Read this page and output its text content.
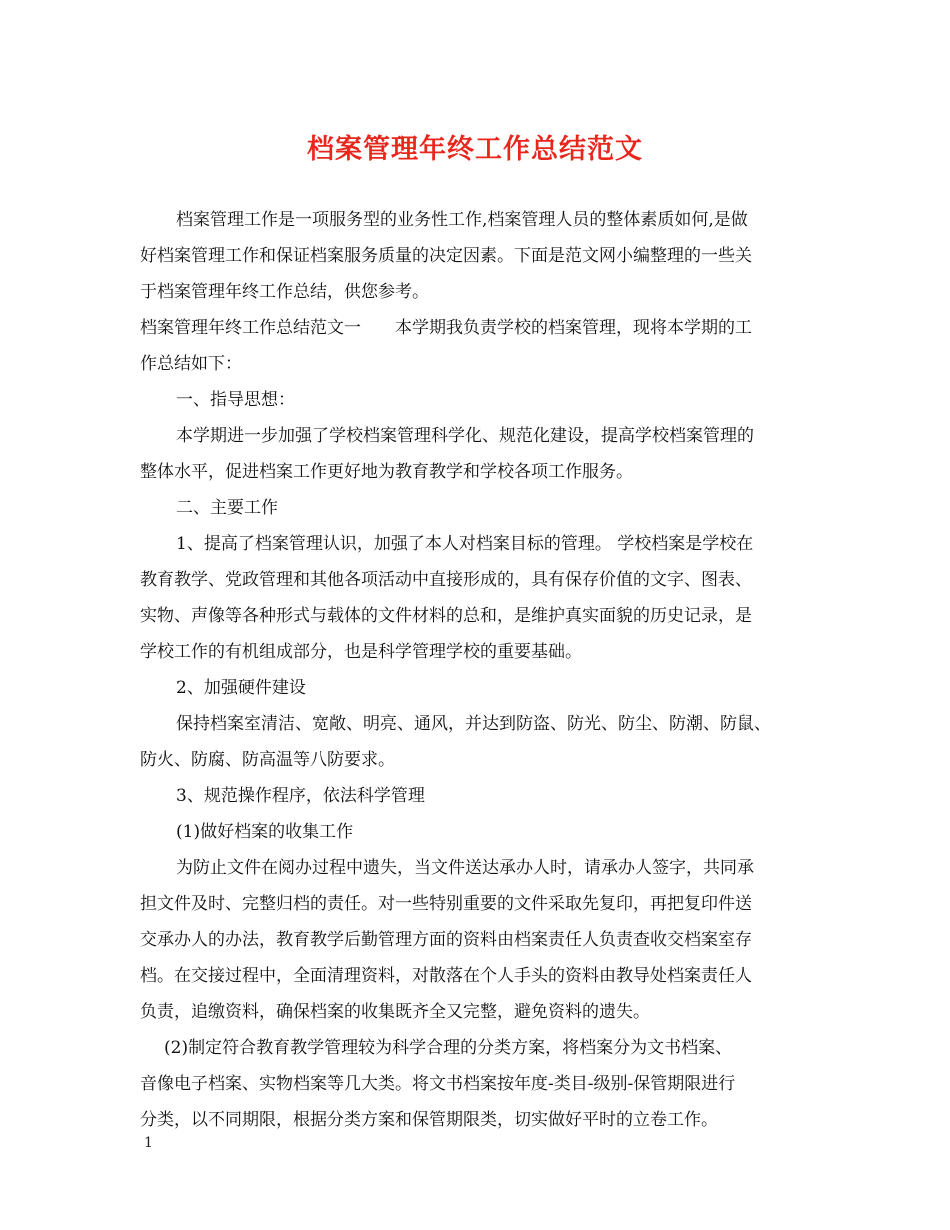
档案管理年终工作总结范文
档案管理工作是一项服务型的业务性工作,档案管理人员的整体素质如何,是做
好档案管理工作和保证档案服务质量的决定因素。下面是范文网小编整理的一些关
于档案管理年终工作总结，供您参考。
档案管理年终工作总结范文一　　本学期我负责学校的档案管理，现将本学期的工
作总结如下：
一、指导思想：
本学期进一步加强了学校档案管理科学化、规范化建设，提高学校档案管理的
整体水平，促进档案工作更好地为教育教学和学校各项工作服务。
二、主要工作
1、提高了档案管理认识，加强了本人对档案目标的管理。 学校档案是学校在
教育教学、党政管理和其他各项活动中直接形成的，具有保存价值的文字、图表、
实物、声像等各种形式与载体的文件材料的总和，是维护真实面貌的历史记录，是
学校工作的有机组成部分，也是科学管理学校的重要基础。
2、加强硬件建设
保持档案室清洁、宽敞、明亮、通风，并达到防盗、防光、防尘、防潮、防鼠、
防火、防腐、防高温等八防要求。
3、规范操作程序，依法科学管理
(1)做好档案的收集工作
为防止文件在阅办过程中遗失，当文件送达承办人时，请承办人签字，共同承
担文件及时、完整归档的责任。对一些特别重要的文件采取先复印，再把复印件送
交承办人的办法，教育教学后勤管理方面的资料由档案责任人负责查收交档案室存
档。在交接过程中，全面清理资料，对散落在个人手头的资料由教导处档案责任人
负责，追缴资料，确保档案的收集既齐全又完整，避免资料的遗失。
(2)制定符合教育教学管理较为科学合理的分类方案，将档案分为文书档案、
音像电子档案、实物档案等几大类。将文书档案按年度-类目-级别-保管期限进行
分类，以不同期限，根据分类方案和保管期限类，切实做好平时的立卷工作。
1
